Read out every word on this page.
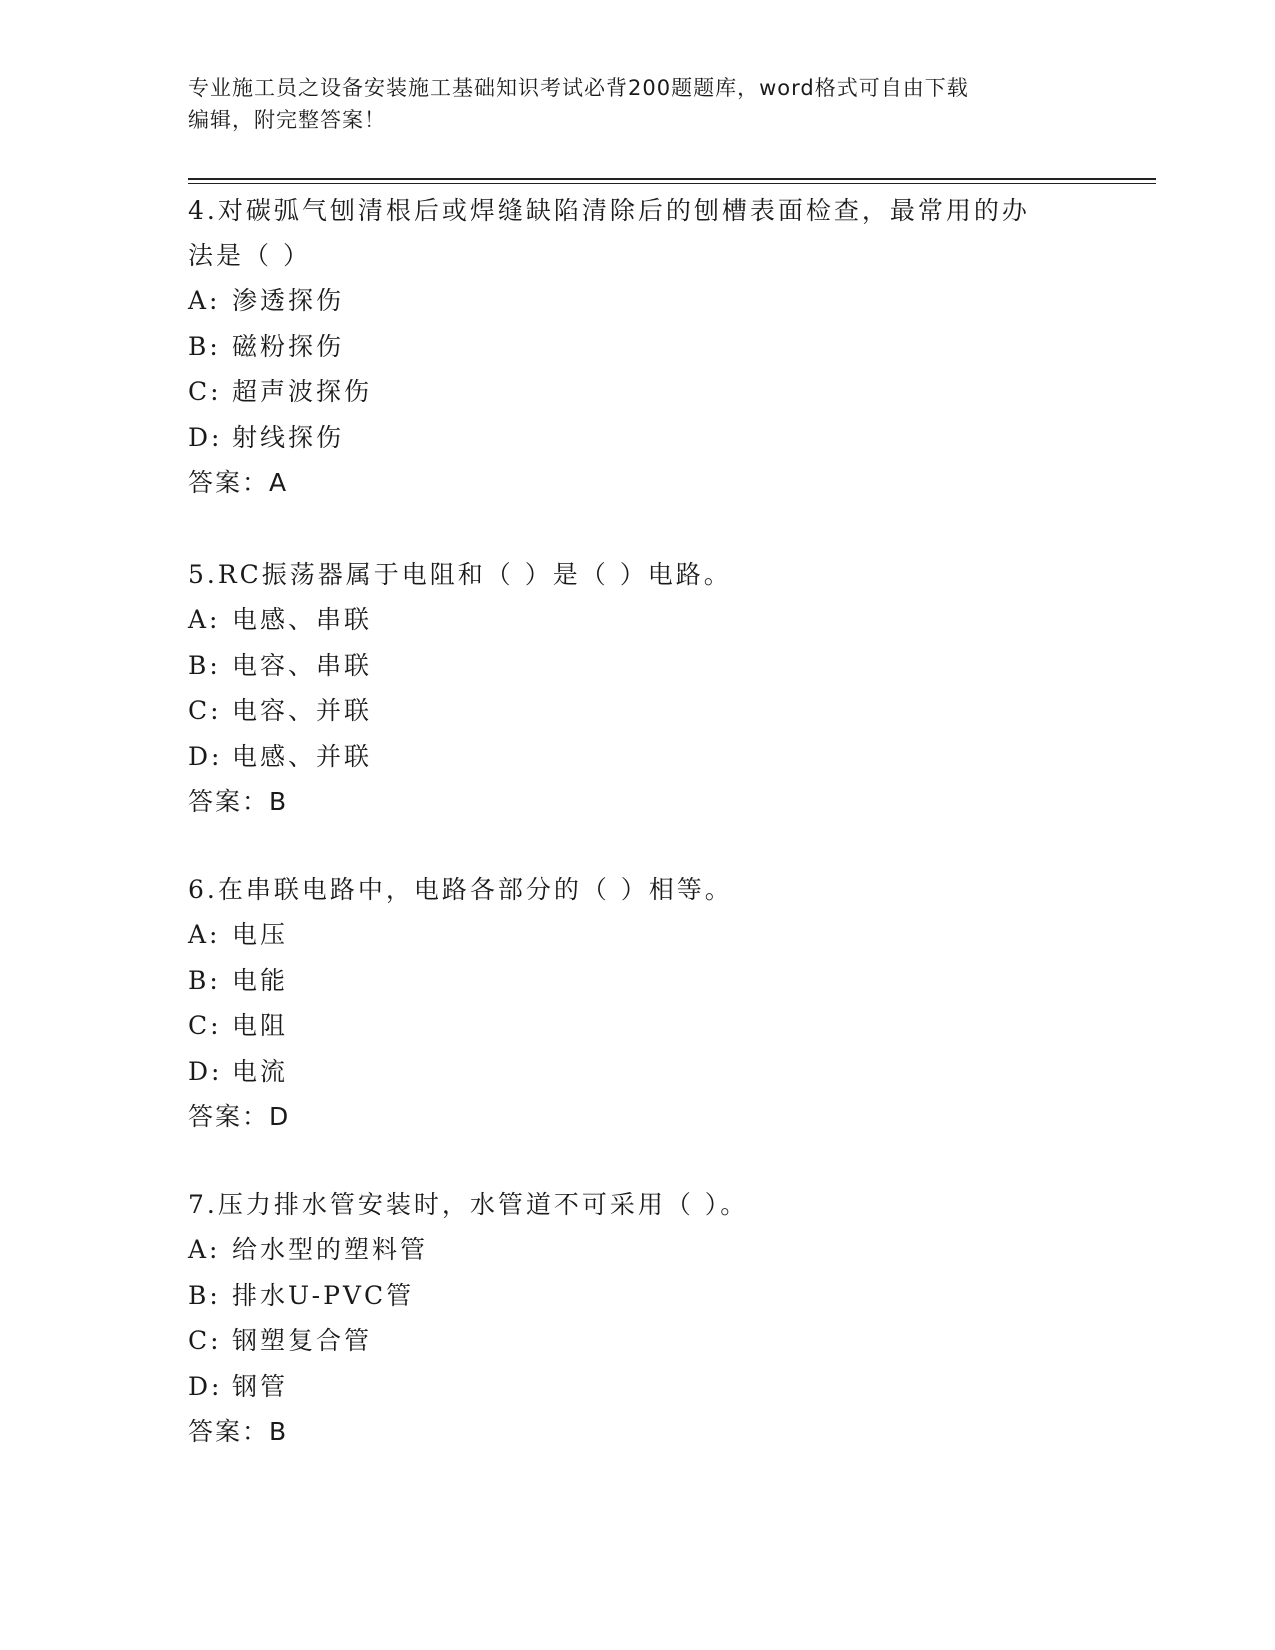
专业施工员之设备安装施工基础知识考试必背200题题库，word格式可自由下载
编辑，附完整答案！

4.对碳弧气刨清根后或焊缝缺陷清除后的刨槽表面检查，最常用的办

法是（ ）

A: 渗透探伤

B: 磁粉探伤

C: 超声波探伤

D: 射线探伤

答案：A

5.RC振荡器属于电阻和（ ）是（ ）电路。

A: 电感、串联

B: 电容、串联

C: 电容、并联

D: 电感、并联

答案：B

6.在串联电路中，电路各部分的（ ）相等。

A: 电压

B: 电能

C: 电阻

D: 电流

答案：D

7.压力排水管安装时，水管道不可采用（ ）。

A: 给水型的塑料管

B: 排水U-PVC管

C: 钢塑复合管

D: 钢管

答案：B
